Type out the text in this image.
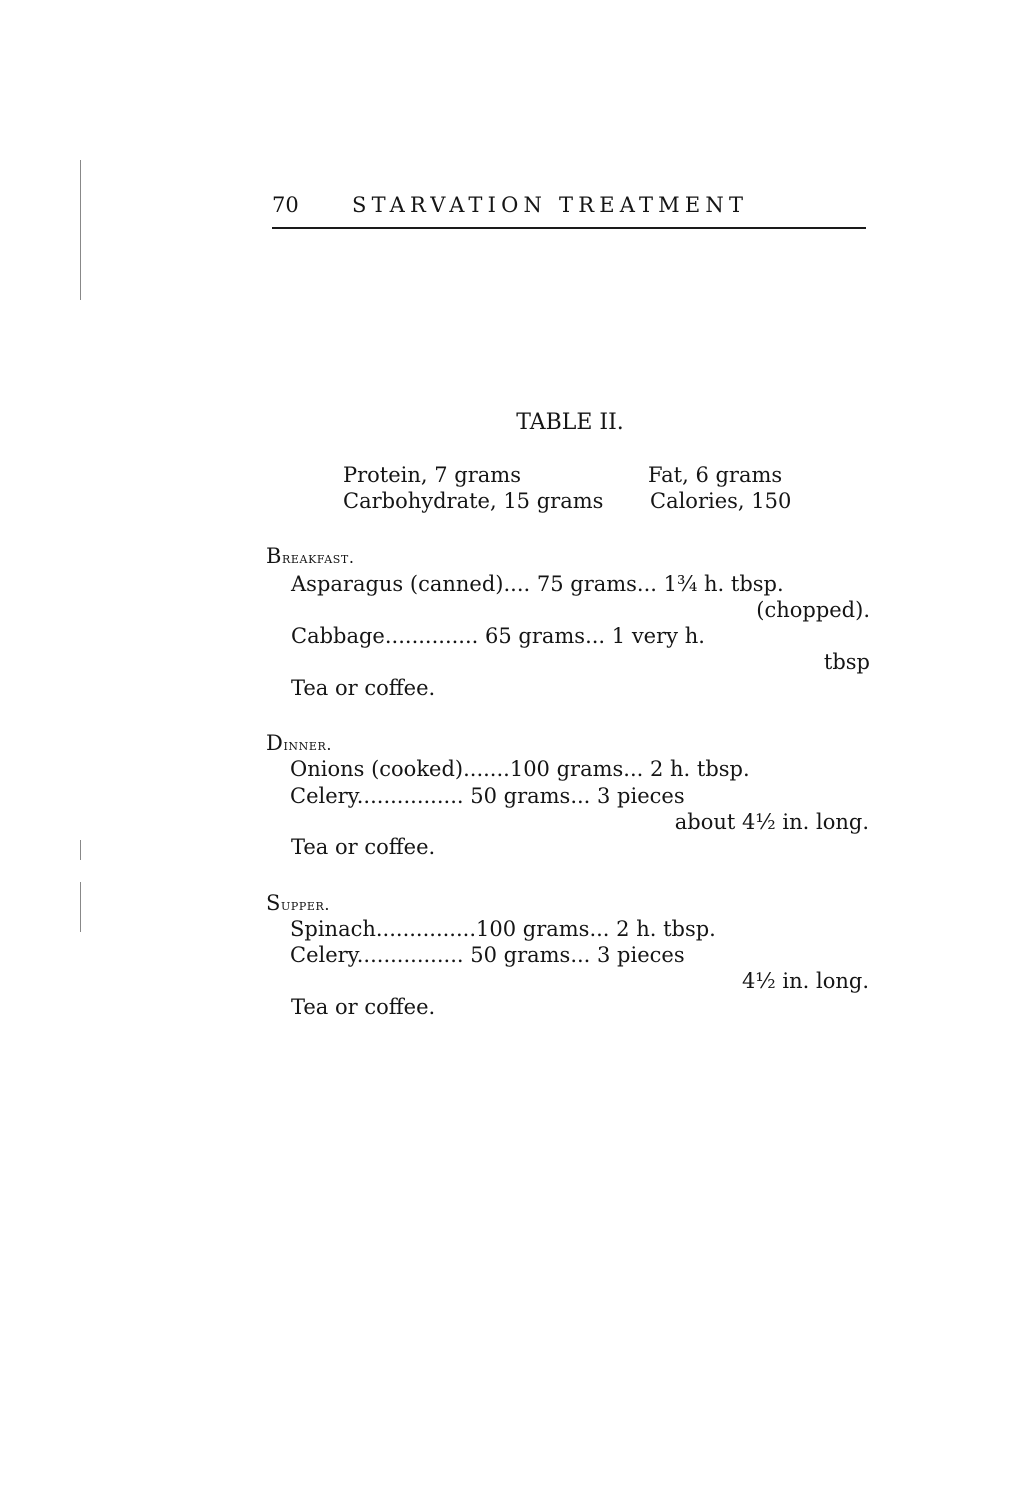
70	STARVATION TREATMENT
TABLE II.
Protein, 7 grams	Fat, 6 grams
Carbohydrate, 15 grams Calories, 150
Breakfast.
Asparagus (canned).... 75 grams... 1¾ h. tbsp.
(chopped).
Cabbage.............. 65 grams... 1 very h.
tbsp
Tea or coffee.
Dinner.
Onions (cooked).......100 grams... 2 h. tbsp.
Celery................ 50 grams... 3 pieces
about 4½ in. long.
Tea or coffee.
Supper.
Spinach...............100 grams... 2 h. tbsp.
Celery................ 50 grams... 3 pieces
4½ in. long.
Tea or coffee.
